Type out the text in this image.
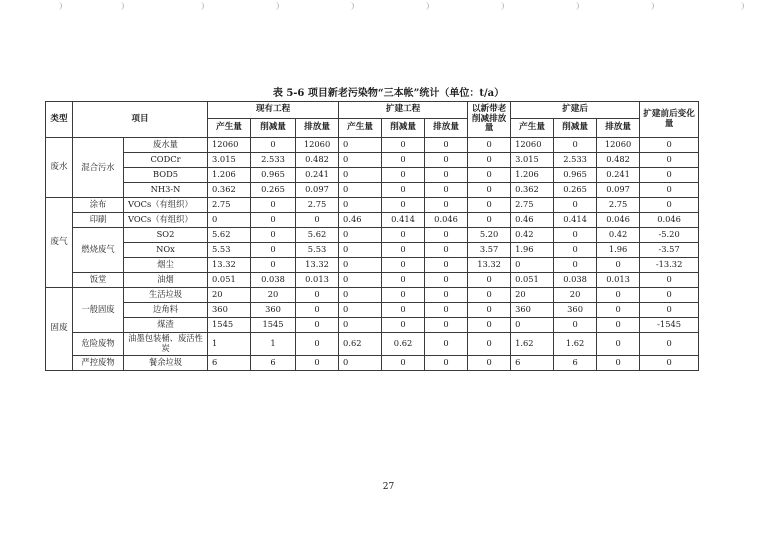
表 5-6 项目新老污染物“三本帐”统计（单位：t/a）
类型	项目		现有工程			扩建工程			以新带老削减排放量	扩建后			扩建前后变化量
			产生量	削减量	排放量	产生量	削减量	排放量		产生量	削减量	排放量	
废水	混合污水	废水量	12060	0	12060	0	0	0	0	12060	0	12060	0
		CODCr	3.015	2.533	0.482	0	0	0	0	3.015	2.533	0.482	0
		BOD5	1.206	0.965	0.241	0	0	0	0	1.206	0.965	0.241	0
		NH3-N	0.362	0.265	0.097	0	0	0	0	0.362	0.265	0.097	0
废气	涂布	VOCs（有组织）	2.75	0	2.75	0	0	0	0	2.75	0	2.75	0
	印刷	VOCs（有组织）	0	0	0	0.46	0.414	0.046	0	0.46	0.414	0.046	0.046
	燃烧废气	SO2	5.62	0	5.62	0	0	0	5.20	0.42	0	0.42	-5.20
		NOx	5.53	0	5.53	0	0	0	3.57	1.96	0	1.96	-3.57
		烟尘	13.32	0	13.32	0	0	0	13.32	0	0	0	-13.32
	饭堂	油烟	0.051	0.038	0.013	0	0	0	0	0.051	0.038	0.013	0
固废	一般固废	生活垃圾	20	20	0	0	0	0	0	20	20	0	0
		边角料	360	360	0	0	0	0	0	360	360	0	0
		煤渣	1545	1545	0	0	0	0	0	0	0	0	-1545
	危险废物	油墨包装桶、废活性炭	1	1	0	0.62	0.62	0	0	1.62	1.62	0	0
	严控废物	餐余垃圾	6	6	0	0	0	0	0	6	6	0	0
27
